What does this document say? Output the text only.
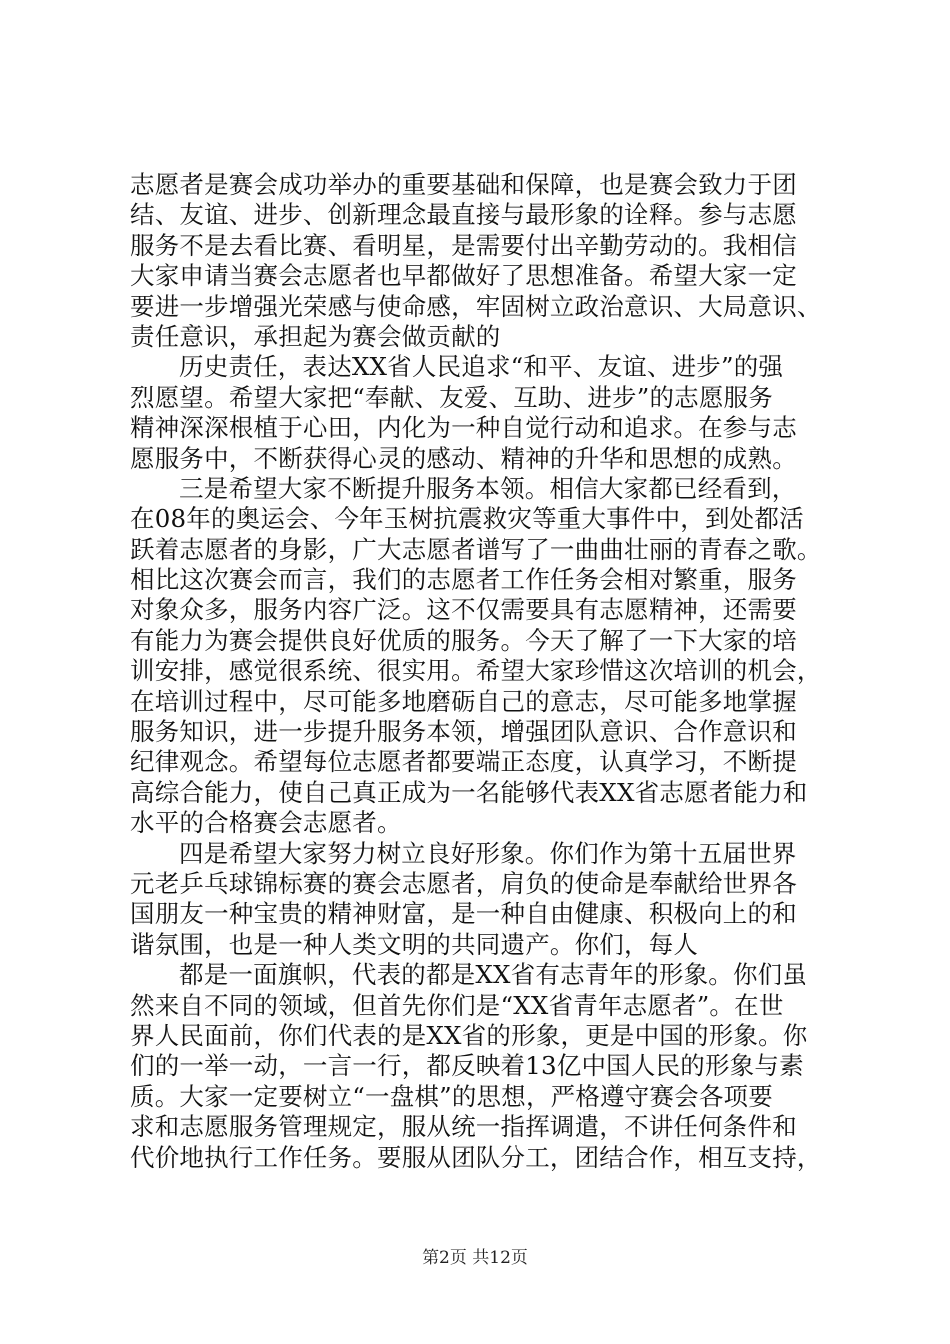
志愿者是赛会成功举办的重要基础和保障，也是赛会致力于团
结、友谊、进步、创新理念最直接与最形象的诠释。参与志愿
服务不是去看比赛、看明星，是需要付出辛勤劳动的。我相信
大家申请当赛会志愿者也早都做好了思想准备。希望大家一定
要进一步增强光荣感与使命感，牢固树立政治意识、大局意识、
责任意识，承担起为赛会做贡献的
历史责任，表达XX省人民追求“和平、友谊、进步”的强
烈愿望。希望大家把“奉献、友爱、互助、进步”的志愿服务
精神深深根植于心田，内化为一种自觉行动和追求。在参与志
愿服务中，不断获得心灵的感动、精神的升华和思想的成熟。
三是希望大家不断提升服务本领。相信大家都已经看到，
在08年的奥运会、今年玉树抗震救灾等重大事件中，到处都活
跃着志愿者的身影，广大志愿者谱写了一曲曲壮丽的青春之歌。
相比这次赛会而言，我们的志愿者工作任务会相对繁重，服务
对象众多，服务内容广泛。这不仅需要具有志愿精神，还需要
有能力为赛会提供良好优质的服务。今天了解了一下大家的培
训安排，感觉很系统、很实用。希望大家珍惜这次培训的机会，
在培训过程中，尽可能多地磨砺自己的意志，尽可能多地掌握
服务知识，进一步提升服务本领，增强团队意识、合作意识和
纪律观念。希望每位志愿者都要端正态度，认真学习，不断提
高综合能力，使自己真正成为一名能够代表XX省志愿者能力和
水平的合格赛会志愿者。
四是希望大家努力树立良好形象。你们作为第十五届世界
元老乒乓球锦标赛的赛会志愿者，肩负的使命是奉献给世界各
国朋友一种宝贵的精神财富，是一种自由健康、积极向上的和
谐氛围，也是一种人类文明的共同遗产。你们，每人
都是一面旗帜，代表的都是XX省有志青年的形象。你们虽
然来自不同的领域，但首先你们是“XX省青年志愿者”。在世
界人民面前，你们代表的是XX省的形象，更是中国的形象。你
们的一举一动，一言一行，都反映着13亿中国人民的形象与素
质。大家一定要树立“一盘棋”的思想，严格遵守赛会各项要
求和志愿服务管理规定，服从统一指挥调遣，不讲任何条件和
代价地执行工作任务。要服从团队分工，团结合作，相互支持，
第2页 共12页
